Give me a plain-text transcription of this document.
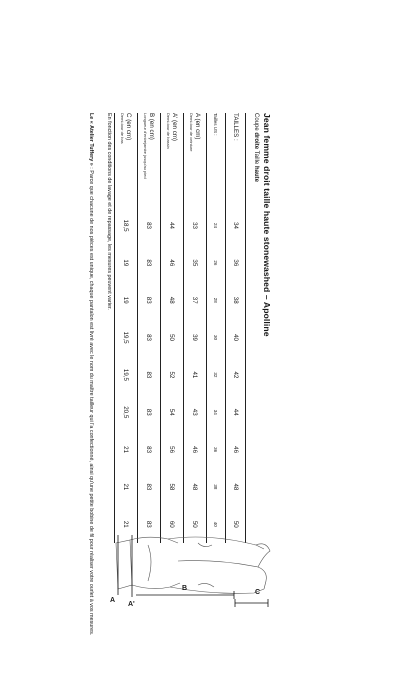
Jean femme droit taille haute stonewashed – Apolline
Coupe droite Taille haute
TAILLES :	34	36	38	40	42	44	46	48	50
Tailles US :	24	26	28	30	32	34	36	38	40
A (en cm)
Demi-tour de ceinture	33	35	37	39	41	43	46	48	50
A' (en cm)
Demi-tour de bassin	44	46	48	50	52	54	56	58	60
B (en cm)
Longueur d'entrejambe jusqu'au pied	83	83	83	83	83	83	83	83	83
C (en cm)
Demi-tour de bas	18,5	19	19	19,5	19,5	20,5	21	21	21
En fonction des conditions de lavage et de repassage, les mesures peuvent varier.
Le « Atelier Tuffery » : Parce que chacune de nos pièces est unique, chaque pantalon est livré avec le nom du maître tailleur qui l'a confectionné, ainsi qu'une petite bobine de fil pour réaliser votre ourlet à vos mesures. A
A'
B
C
